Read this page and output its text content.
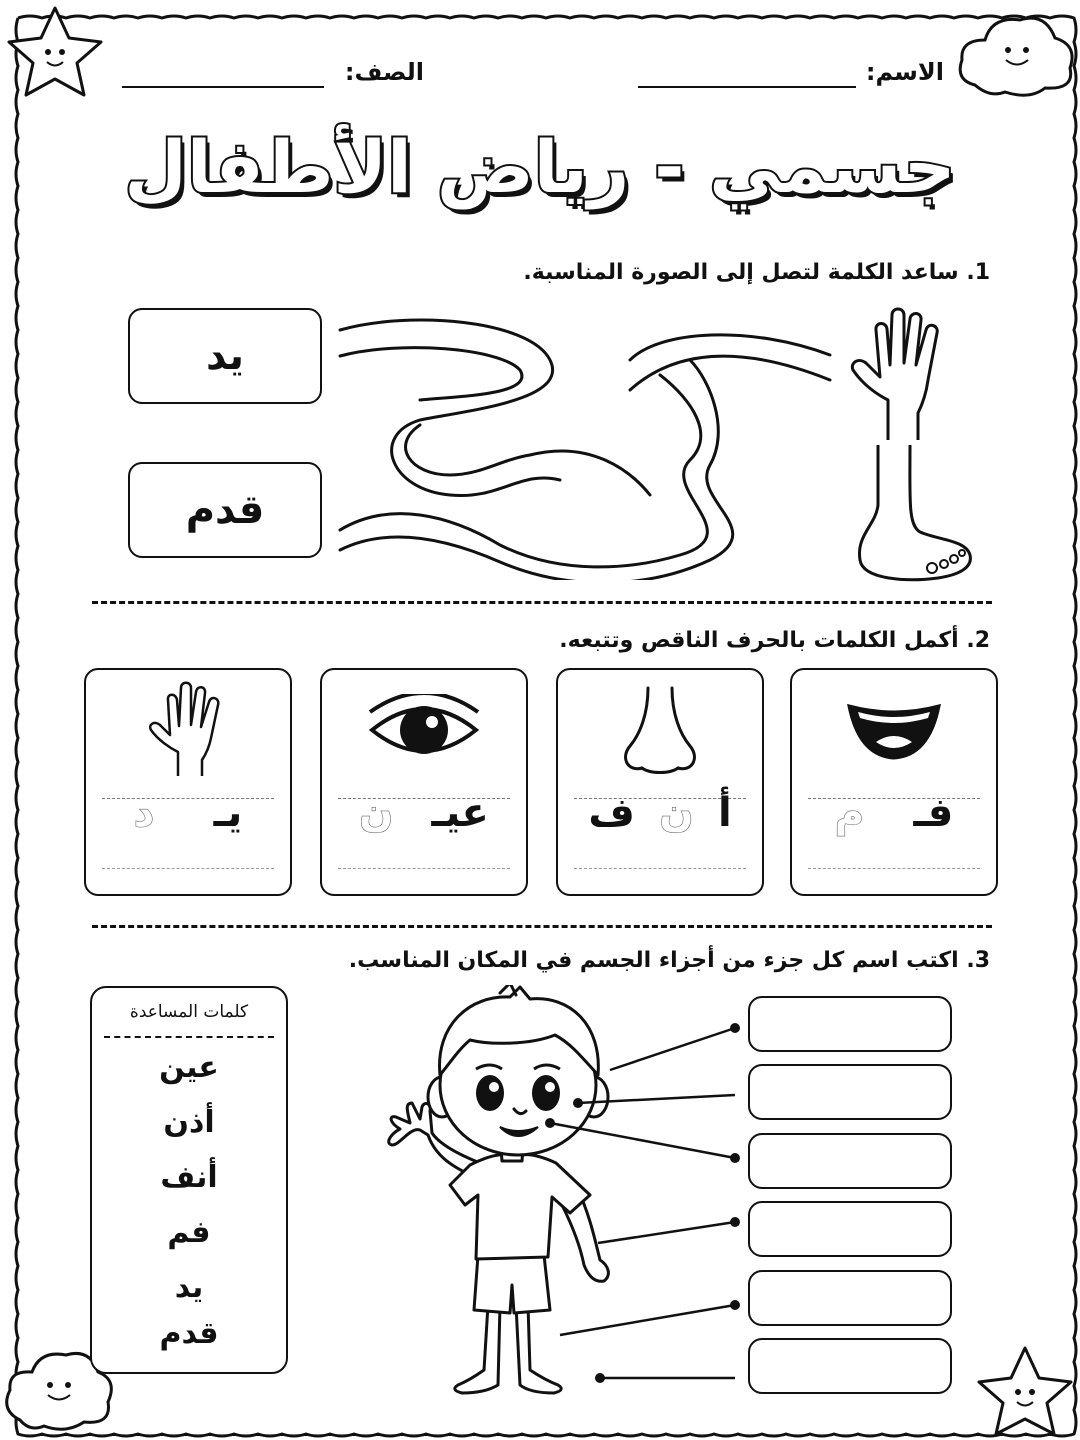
الاسم:
الصف:
جسمي - رياض الأطفال
1. ساعد الكلمة لتصل إلى الصورة المناسبة.
يد
قدم
2. أكمل الكلمات بالحرف الناقص وتتبعه.
فـ
م
أ
ن
ف
عيـ
ن
يـ
د
3. اكتب اسم كل جزء من أجزاء الجسم في المكان المناسب.
كلمات المساعدة
عين
أذن
أنف
فم
يد
قدم
